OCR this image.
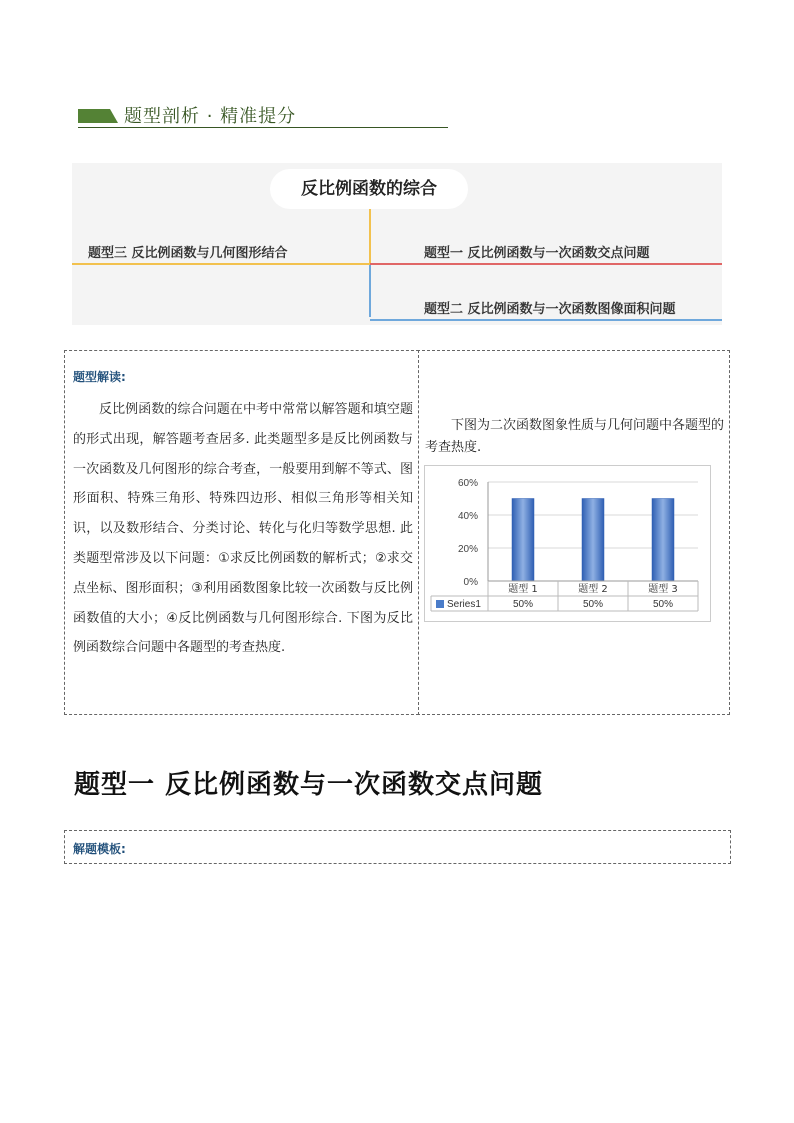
题型剖析 · 精准提分
反比例函数的综合
题型三 反比例函数与几何图形结合	题型一 反比例函数与一次函数交点问题
题型二 反比例函数与一次函数图像面积问题
题型解读:
反比例函数的综合问题在中考中常常以解答题和填空题的形式出现，解答题考查居多. 此类题型多是反比例函数与一次函数及几何图形的综合考查，一般要用到解不等式、图形面积、特殊三角形、特殊四边形、相似三角形等相关知识，以及数形结合、分类讨论、转化与化归等数学思想. 此类题型常涉及以下问题：①求反比例函数的解析式；②求交点坐标、图形面积；③利用函数图象比较一次函数与反比例函数值的大小；④反比例函数与几何图形综合. 下图为反比例函数综合问题中各题型的考查热度.
下图为二次函数图象性质与几何问题中各题型的考查热度.
0%
20%
40%
60%
题型 1
50%
题型 2
50%
题型 3
50%
Series1
题型一 反比例函数与一次函数交点问题
解题模板:
